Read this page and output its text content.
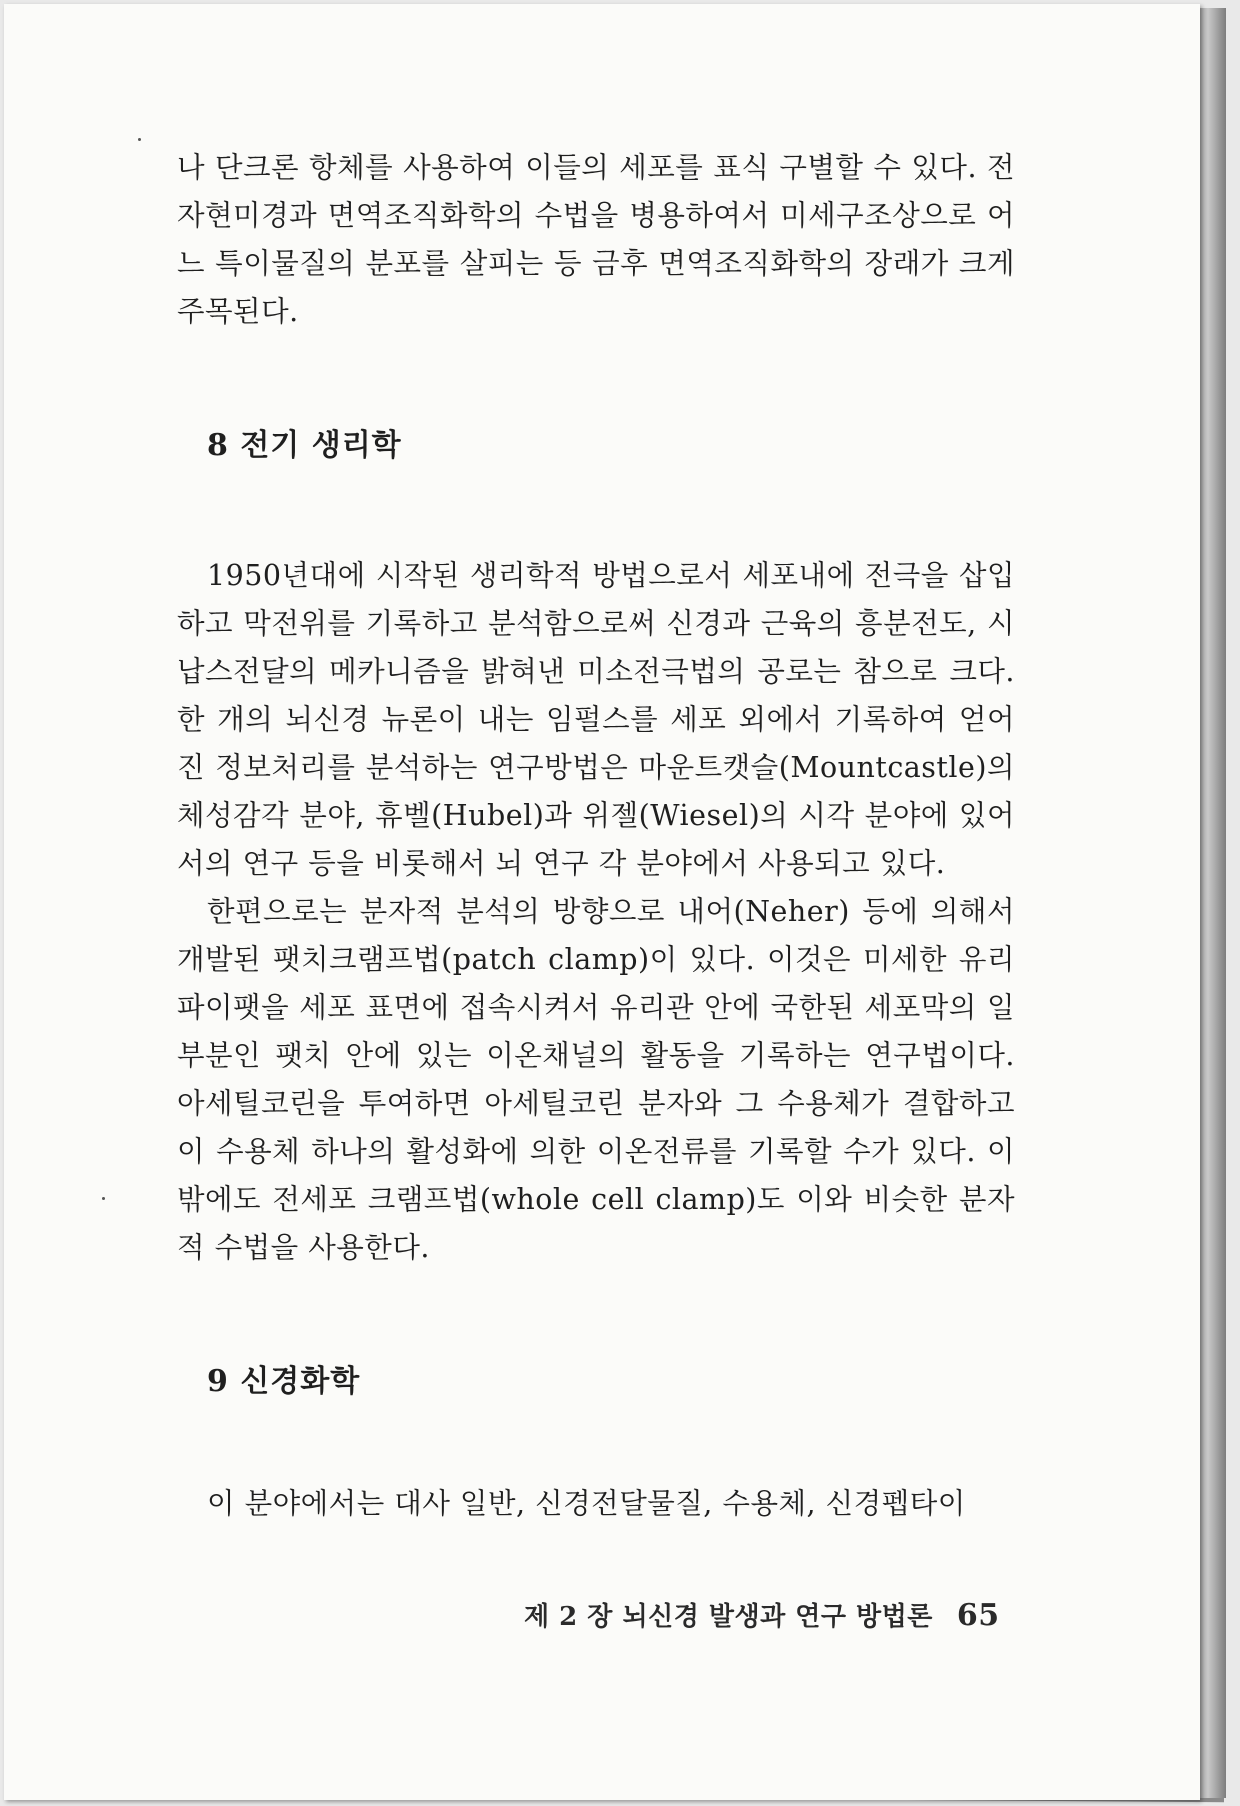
나 단크론 항체를 사용하여 이들의 세포를 표식 구별할 수 있다. 전자현미경과 면역조직화학의 수법을 병용하여서 미세구조상으로 어느 특이물질의 분포를 살피는 등 금후 면역조직화학의 장래가 크게 주목된다.

8 전기 생리학

1950년대에 시작된 생리학적 방법으로서 세포내에 전극을 삽입하고 막전위를 기록하고 분석함으로써 신경과 근육의 흥분전도, 시납스전달의 메카니즘을 밝혀낸 미소전극법의 공로는 참으로 크다. 한 개의 뇌신경 뉴론이 내는 임펄스를 세포 외에서 기록하여 얻어진 정보처리를 분석하는 연구방법은 마운트캣슬(Mountcastle)의 체성감각 분야, 휴벨(Hubel)과 위젤(Wiesel)의 시각 분야에 있어서의 연구 등을 비롯해서 뇌 연구 각 분야에서 사용되고 있다.

한편으로는 분자적 분석의 방향으로 내어(Neher) 등에 의해서 개발된 팻치크램프법(patch clamp)이 있다. 이것은 미세한 유리 파이팻을 세포 표면에 접속시켜서 유리관 안에 국한된 세포막의 일부분인 팻치 안에 있는 이온채널의 활동을 기록하는 연구법이다. 아세틸코린을 투여하면 아세틸코린 분자와 그 수용체가 결합하고 이 수용체 하나의 활성화에 의한 이온전류를 기록할 수가 있다. 이 밖에도 전세포 크램프법(whole cell clamp)도 이와 비슷한 분자적 수법을 사용한다.

9 신경화학

이 분야에서는 대사 일반, 신경전달물질, 수용체, 신경펩타이

제 2 장 뇌신경 발생과 연구 방법론 65
